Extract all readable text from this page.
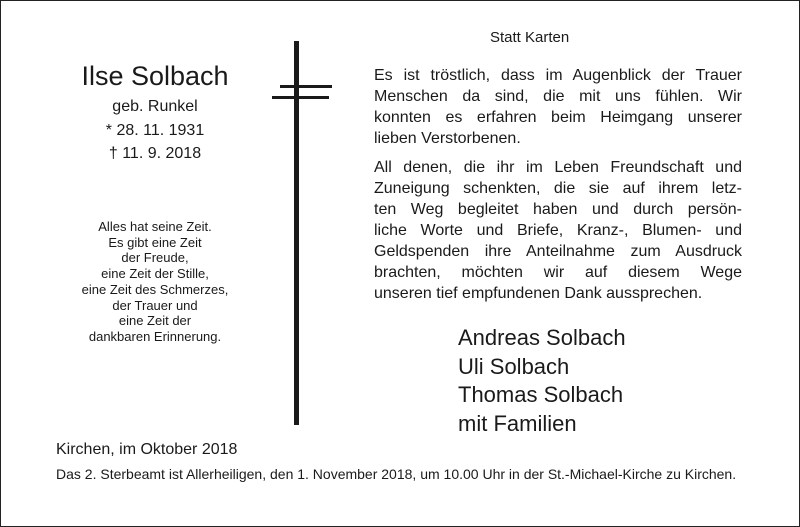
Ilse Solbach
geb. Runkel
* 28. 11. 1931
† 11. 9. 2018
Alles hat seine Zeit.
Es gibt eine Zeit
der Freude,
eine Zeit der Stille,
eine Zeit des Schmerzes,
der Trauer und
eine Zeit der
dankbaren Erinnerung.
Statt Karten
Es ist tröstlich, dass im Augenblick der Trauer
Menschen da sind, die mit uns fühlen. Wir
konnten es erfahren beim Heimgang unserer
lieben Verstorbenen.
All denen, die ihr im Leben Freundschaft und
Zuneigung schenkten, die sie auf ihrem letz-
ten Weg begleitet haben und durch persön-
liche Worte und Briefe, Kranz-, Blumen- und
Geldspenden ihre Anteilnahme zum Ausdruck
brachten, möchten wir auf diesem Wege
unseren tief empfundenen Dank aussprechen.
Andreas Solbach
Uli Solbach
Thomas Solbach
mit Familien
Kirchen, im Oktober 2018
Das 2. Sterbeamt ist Allerheiligen, den 1. November 2018, um 10.00 Uhr in der St.-Michael-Kirche zu Kirchen.
